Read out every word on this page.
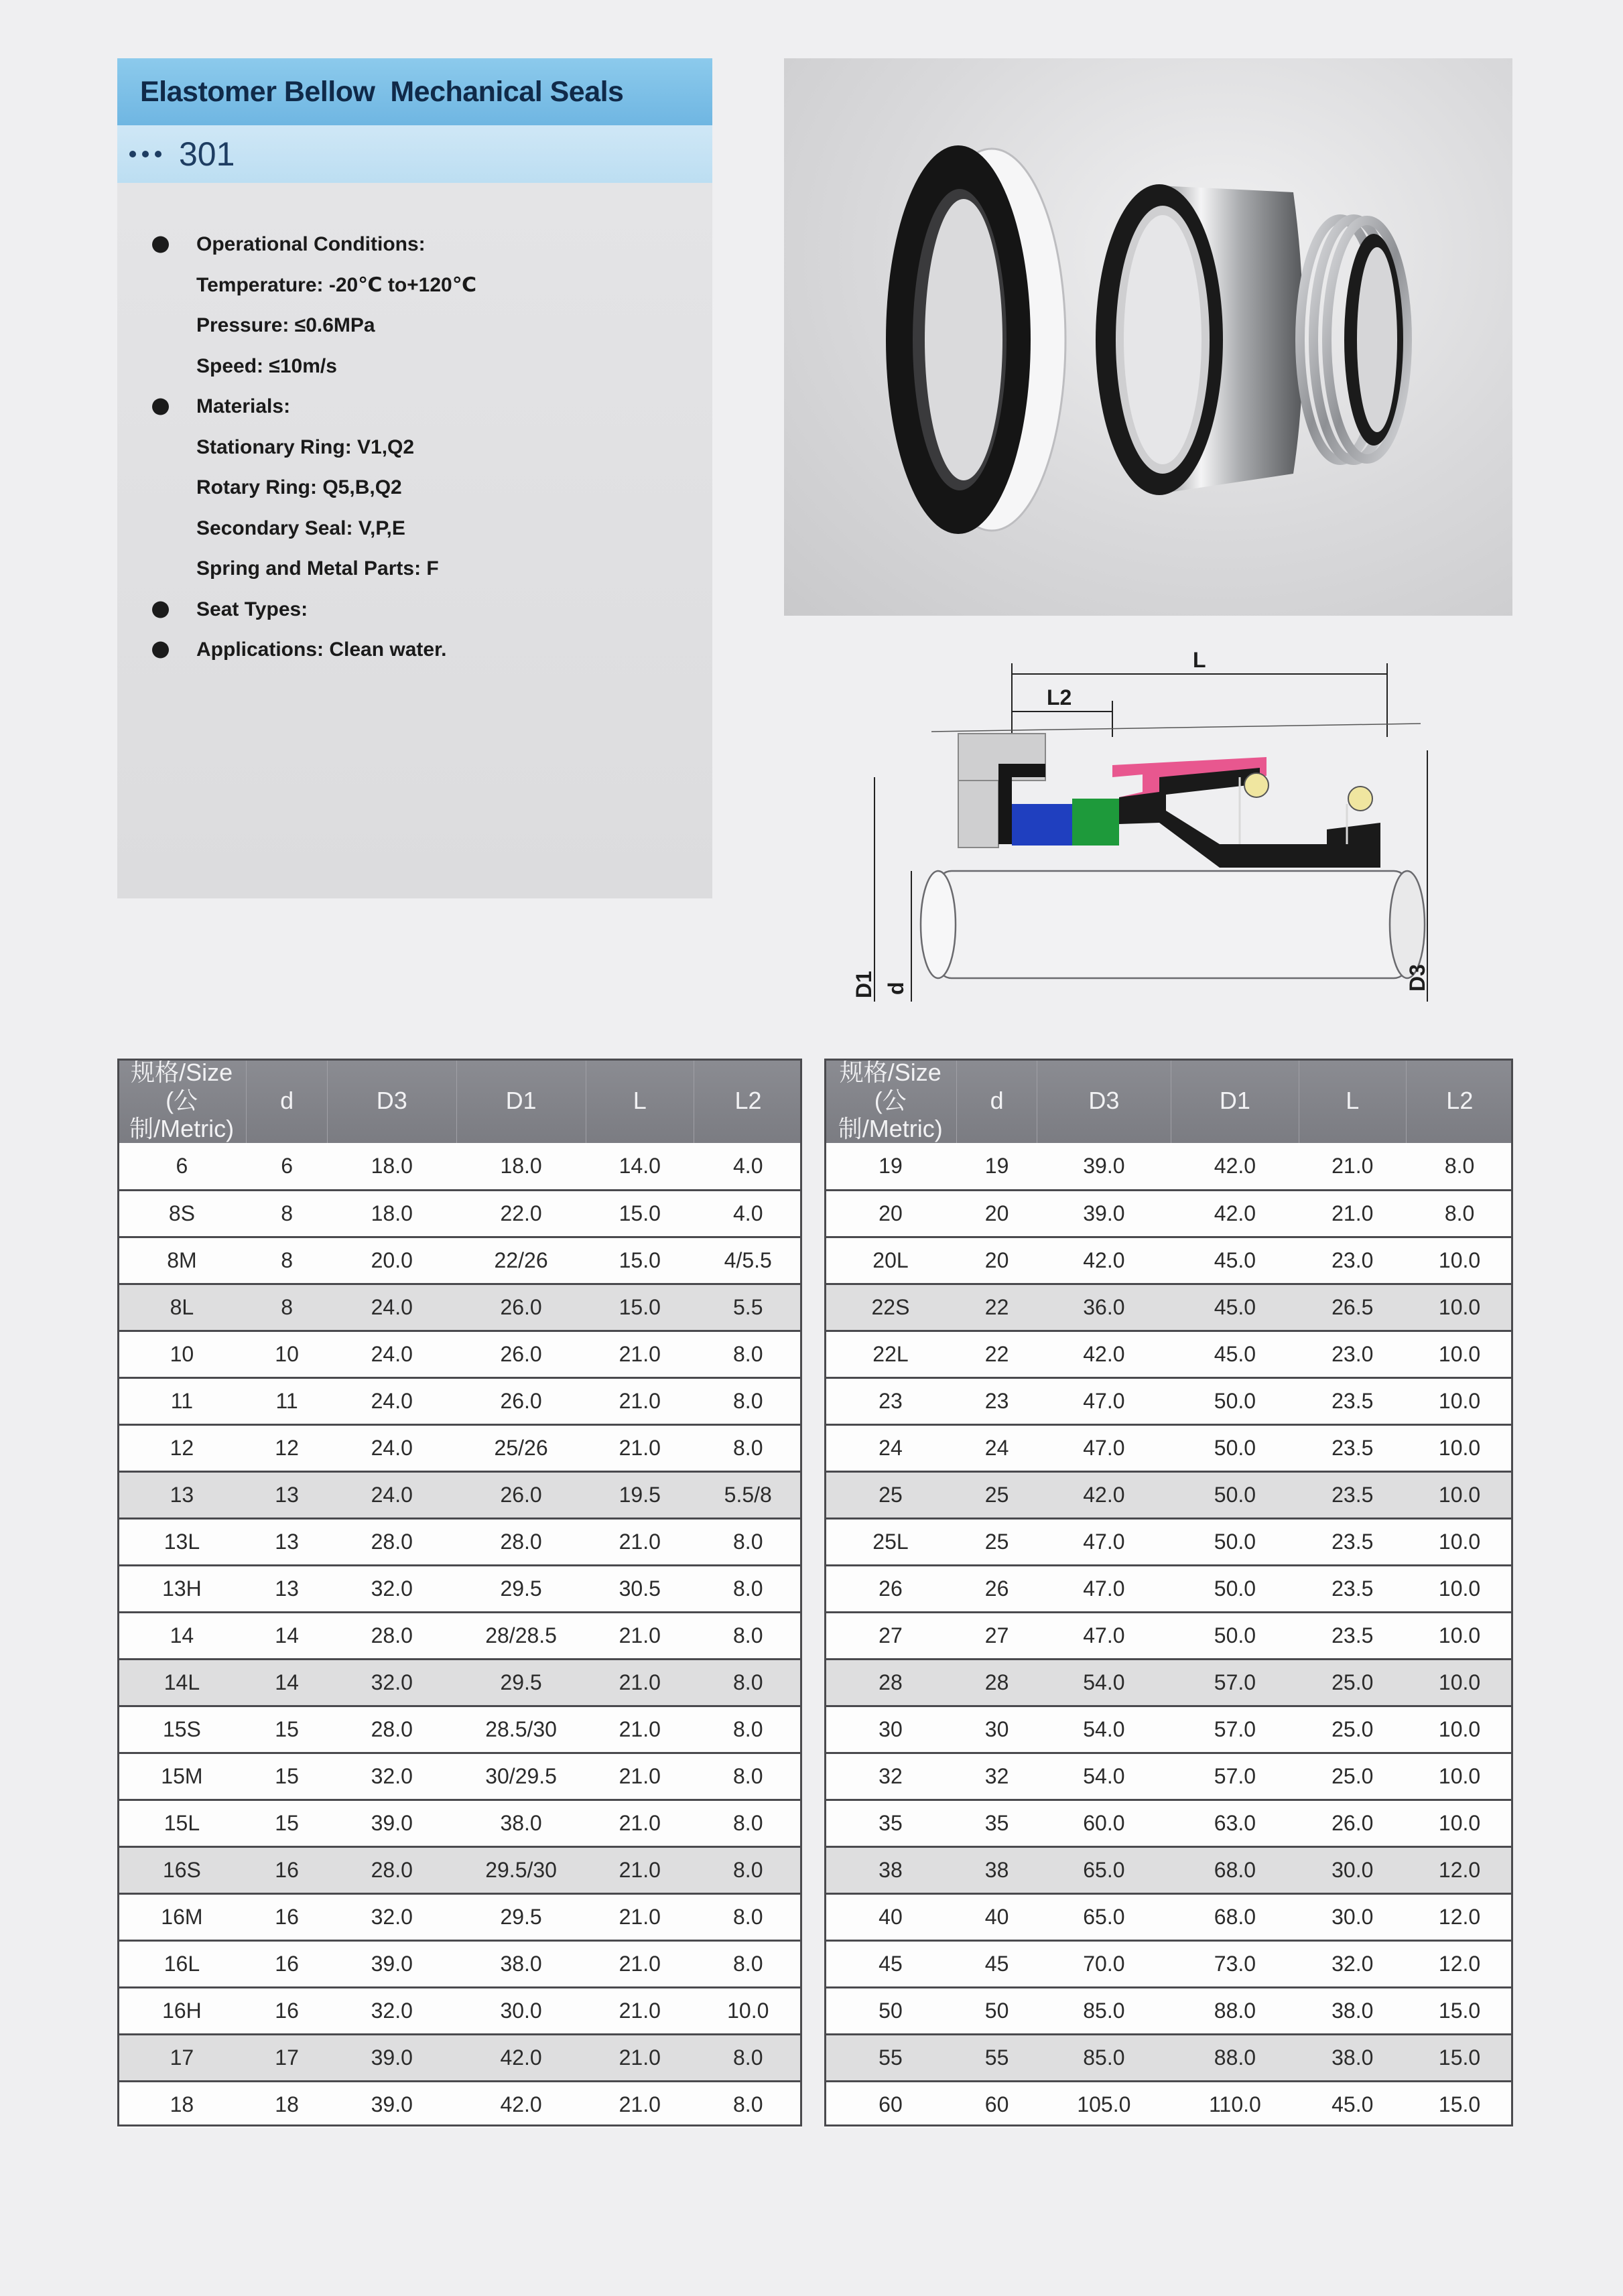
Elastomer Bellow  Mechanical Seals
301
Operational Conditions:
Temperature: -20℃ to+120℃
Pressure: ≤0.6MPa
Speed: ≤10m/s
Materials:
Stationary Ring: V1,Q2
Rotary Ring: Q5,B,Q2
Secondary Seal: V,P,E
Spring and Metal Parts: F
Seat Types:
Applications: Clean water.	L
L2
D1 d	D3
规格/Size
(公制/Metric)	d	D3	D1	L	L2

6	6	18.0	18.0	14.0	4.0
8S	8	18.0	22.0	15.0	4.0
8M	8	20.0	22/26	15.0	4/5.5
8L	8	24.0	26.0	15.0	5.5
10	10	24.0	26.0	21.0	8.0
11	11	24.0	26.0	21.0	8.0
12	12	24.0	25/26	21.0	8.0
13	13	24.0	26.0	19.5	5.5/8
13L	13	28.0	28.0	21.0	8.0
13H	13	32.0	29.5	30.5	8.0
14	14	28.0	28/28.5	21.0	8.0
14L	14	32.0	29.5	21.0	8.0
15S	15	28.0	28.5/30	21.0	8.0
15M	15	32.0	30/29.5	21.0	8.0
15L	15	39.0	38.0	21.0	8.0
16S	16	28.0	29.5/30	21.0	8.0
16M	16	32.0	29.5	21.0	8.0
16L	16	39.0	38.0	21.0	8.0
16H	16	32.0	30.0	21.0	10.0
17	17	39.0	42.0	21.0	8.0
18	18	39.0	42.0	21.0	8.0
规格/Size
(公制/Metric)	d	D3	D1	L	L2

19	19	39.0	42.0	21.0	8.0
20	20	39.0	42.0	21.0	8.0
20L	20	42.0	45.0	23.0	10.0
22S	22	36.0	45.0	26.5	10.0
22L	22	42.0	45.0	23.0	10.0
23	23	47.0	50.0	23.5	10.0
24	24	47.0	50.0	23.5	10.0
25	25	42.0	50.0	23.5	10.0
25L	25	47.0	50.0	23.5	10.0
26	26	47.0	50.0	23.5	10.0
27	27	47.0	50.0	23.5	10.0
28	28	54.0	57.0	25.0	10.0
30	30	54.0	57.0	25.0	10.0
32	32	54.0	57.0	25.0	10.0
35	35	60.0	63.0	26.0	10.0
38	38	65.0	68.0	30.0	12.0
40	40	65.0	68.0	30.0	12.0
45	45	70.0	73.0	32.0	12.0
50	50	85.0	88.0	38.0	15.0
55	55	85.0	88.0	38.0	15.0
60	60	105.0	110.0	45.0	15.0
